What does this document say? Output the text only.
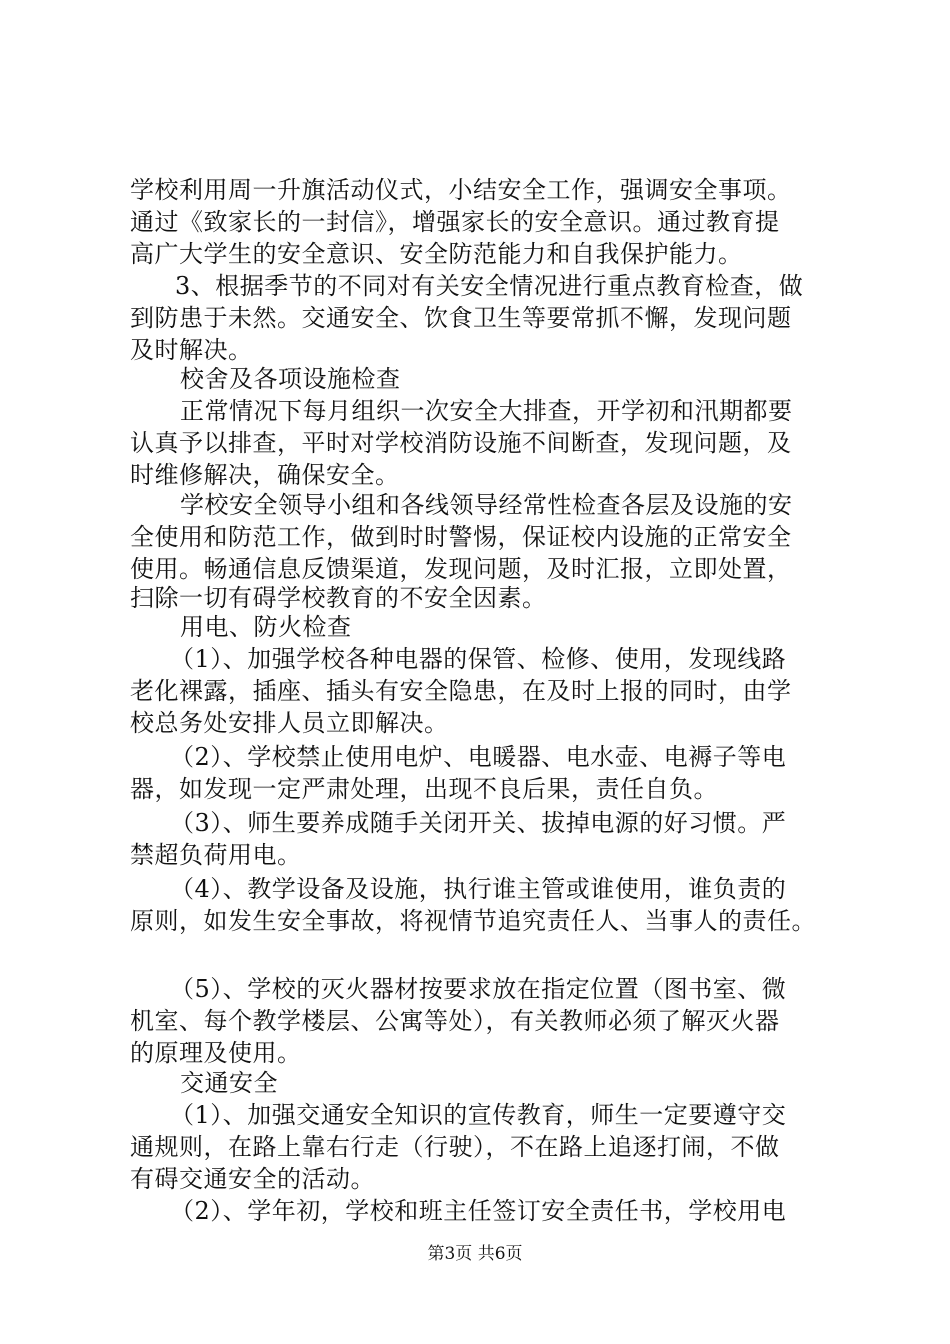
学校利用周一升旗活动仪式，小结安全工作，强调安全事项。
通过《致家长的一封信》，增强家长的安全意识。通过教育提
高广大学生的安全意识、安全防范能力和自我保护能力。
3、根据季节的不同对有关安全情况进行重点教育检查，做
到防患于未然。交通安全、饮食卫生等要常抓不懈，发现问题
及时解决。
校舍及各项设施检查
正常情况下每月组织一次安全大排查，开学初和汛期都要
认真予以排查，平时对学校消防设施不间断查，发现问题，及
时维修解决，确保安全。
学校安全领导小组和各线领导经常性检查各层及设施的安
全使用和防范工作，做到时时警惕，保证校内设施的正常安全
使用。畅通信息反馈渠道，发现问题，及时汇报，立即处置，
扫除一切有碍学校教育的不安全因素。
用电、防火检查
（1）、加强学校各种电器的保管、检修、使用，发现线路
老化裸露，插座、插头有安全隐患，在及时上报的同时，由学
校总务处安排人员立即解决。
（2）、学校禁止使用电炉、电暖器、电水壶、电褥子等电
器，如发现一定严肃处理，出现不良后果，责任自负。
（3）、师生要养成随手关闭开关、拔掉电源的好习惯。严
禁超负荷用电。
（4）、教学设备及设施，执行谁主管或谁使用，谁负责的
原则，如发生安全事故，将视情节追究责任人、当事人的责任。
（5）、学校的灭火器材按要求放在指定位置（图书室、微
机室、每个教学楼层、公寓等处），有关教师必须了解灭火器
的原理及使用。
交通安全
（1）、加强交通安全知识的宣传教育，师生一定要遵守交
通规则，在路上靠右行走（行驶），不在路上追逐打闹，不做
有碍交通安全的活动。
（2）、学年初，学校和班主任签订安全责任书，学校用电
第3页 共6页
